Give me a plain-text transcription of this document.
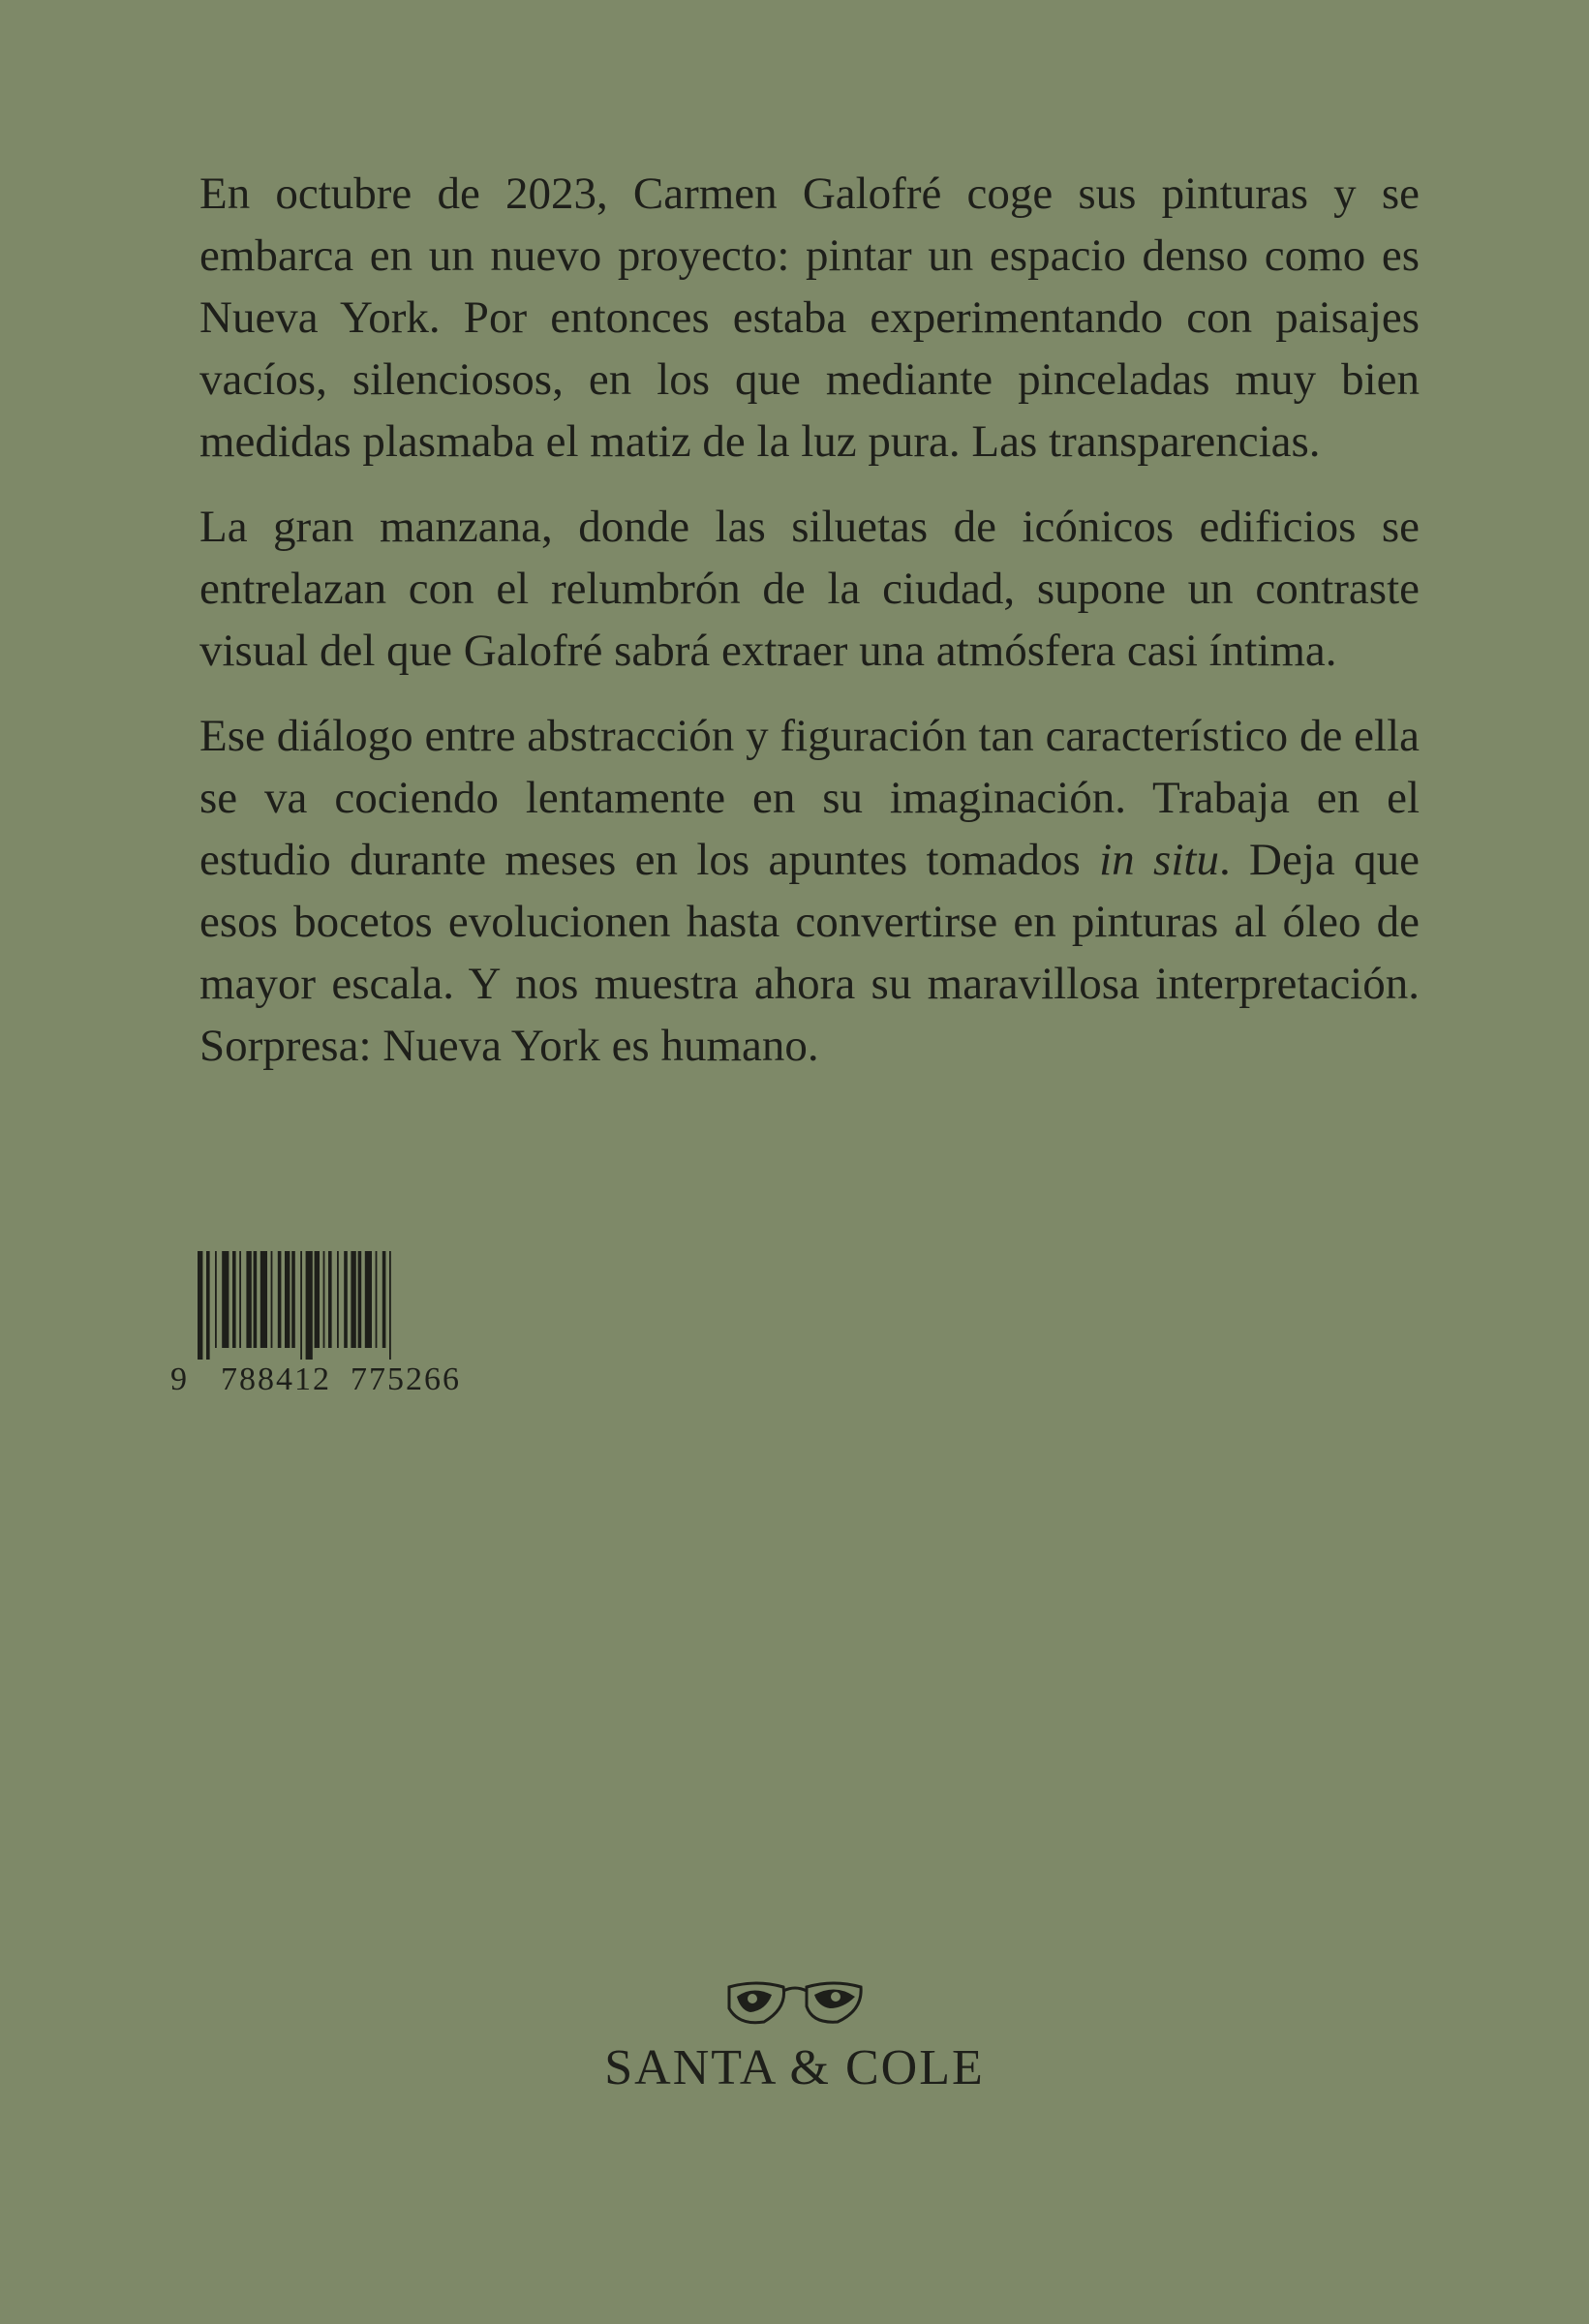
En octubre de 2023, Carmen Galofré coge sus pinturas y se embarca en un nuevo proyecto: pintar un espacio denso como es Nueva York. Por entonces estaba experimentando con paisajes vacíos, silenciosos, en los que mediante pinceladas muy bien medidas plasmaba el matiz de la luz pura. Las transparencias.

La gran manzana, donde las siluetas de icónicos edificios se entrelazan con el relumbrón de la ciudad, supone un contraste visual del que Galofré sabrá extraer una atmósfera casi íntima.

Ese diálogo entre abstracción y figuración tan característico de ella se va cociendo lentamente en su imaginación. Trabaja en el estudio durante meses en los apuntes tomados in situ. Deja que esos bocetos evolucionen hasta convertirse en pinturas al óleo de mayor escala. Y nos muestra ahora su maravillosa interpretación. Sorpresa: Nueva York es humano.

9 788412 775266
SANTA & COLE
